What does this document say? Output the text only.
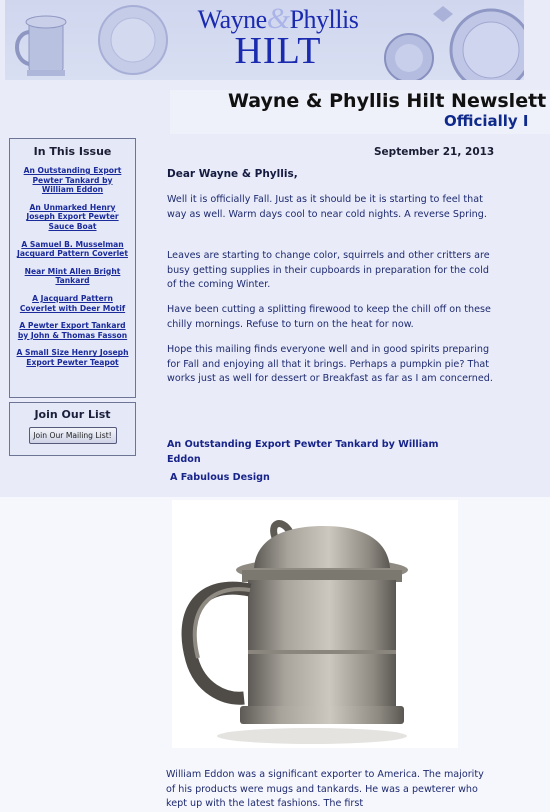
Wayne&Phyllis
HILT
Wayne & Phyllis Hilt Newslett
Officially I
In This Issue
An Outstanding Export Pewter Tankard by William Eddon
An Unmarked Henry Joseph Export Pewter Sauce Boat
A Samuel B. Musselman Jacquard Pattern Coverlet
Near Mint Allen Bright Tankard
A Jacquard Pattern Coverlet with Deer Motif
A Pewter Export Tankard by John & Thomas Fasson
A Small Size Henry Joseph Export Pewter Teapot
Join Our List
Join Our Mailing List!
September 21, 2013
Dear Wayne & Phyllis,
Well it is officially Fall. Just as it should be it is starting to feel that way as well. Warm days cool to near cold nights. A reverse Spring.
Leaves are starting to change color, squirrels and other critters are busy getting supplies in their cupboards in preparation for the cold of the coming Winter.
Have been cutting a splitting firewood to keep the chill off on these chilly mornings. Refuse to turn on the heat for now.
Hope this mailing finds everyone well and in good spirits preparing for Fall and enjoying all that it brings. Perhaps a pumpkin pie? That works just as well for dessert or Breakfast as far as I am concerned.
An Outstanding Export Pewter Tankard by William Eddon
A Fabulous Design
William Eddon was a significant exporter to America. The majority of his products were mugs and tankards. He was a pewterer who kept up with the latest fashions. The first
